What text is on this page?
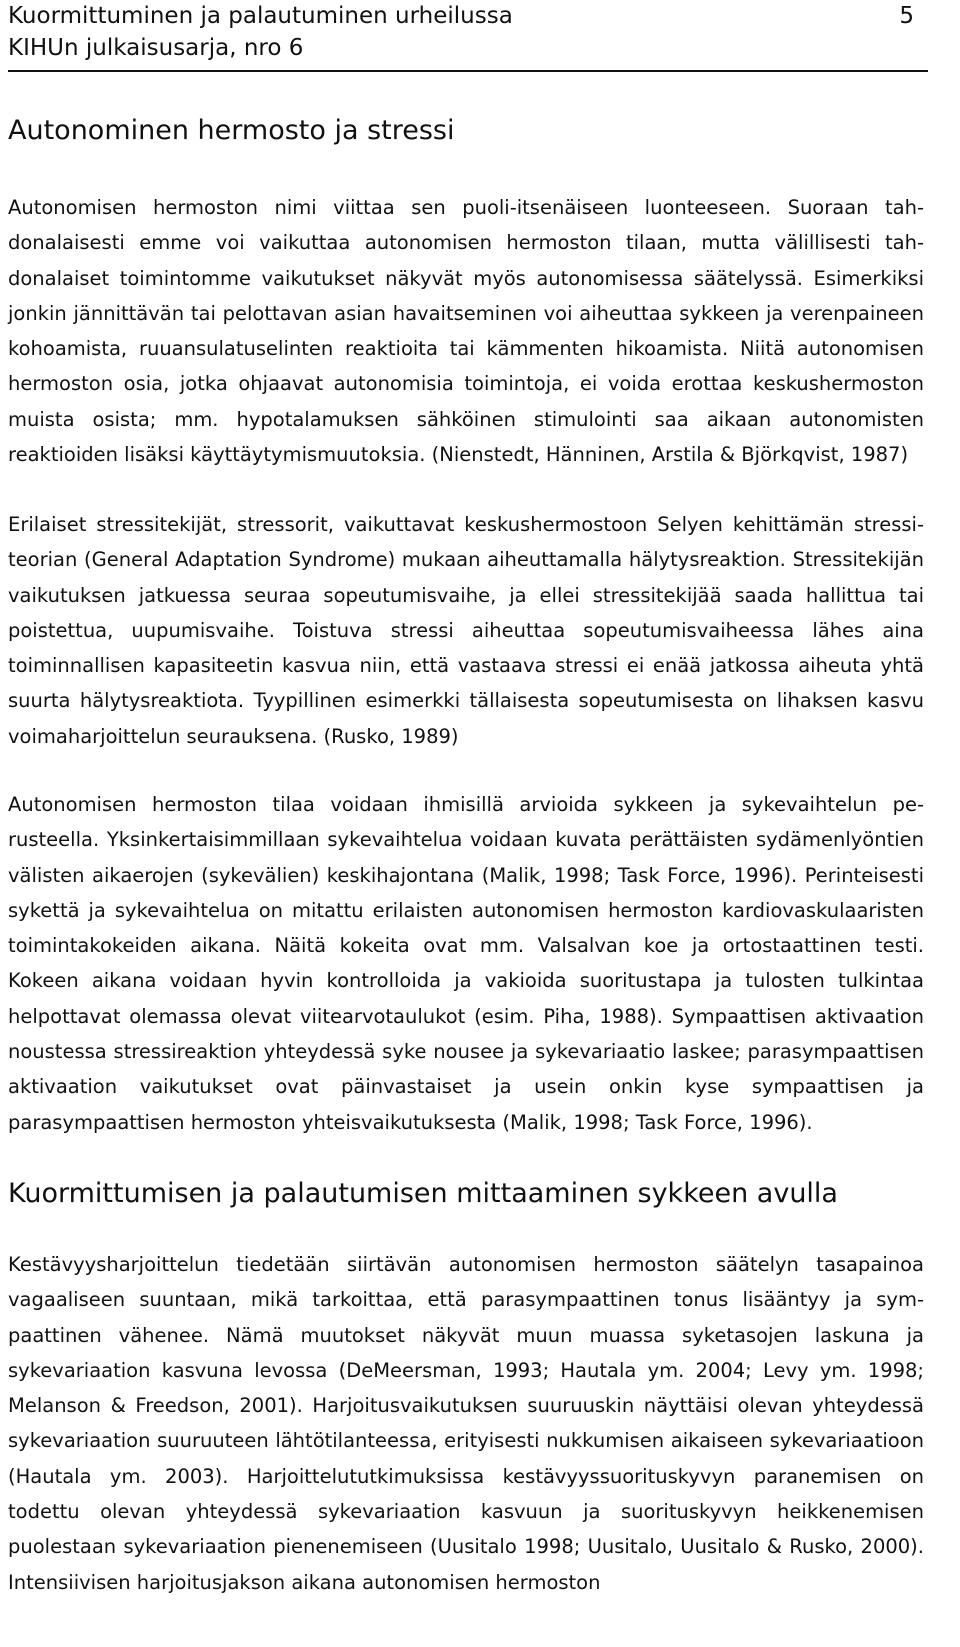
Kuormittuminen ja palautuminen urheilussa
KIHUn julkaisusarja, nro 6
5
Autonominen hermosto ja stressi

Autonomisen hermoston nimi viittaa sen puoli-itsenäiseen luonteeseen. Suoraan tahdonalaisesti emme voi vaikuttaa autonomisen hermoston tilaan, mutta välillisesti tahdonalaiset toimintomme vaikutukset näkyvät myös autonomisessa säätelyssä. Esimerkiksi jonkin jännittävän tai pelottavan asian havaitseminen voi aiheuttaa sykkeen ja verenpaineen kohoamista, ruuansulatuselinten reaktioita tai kämmenten hikoamista. Niitä autonomisen hermoston osia, jotka ohjaavat autonomisia toimintoja, ei voida erottaa keskushermoston muista osista; mm. hypotalamuksen sähköinen stimulointi saa aikaan autonomisten reaktioiden lisäksi käyttäytymismuutoksia. (Nienstedt, Hänninen, Arstila & Björkqvist, 1987)

Erilaiset stressitekijät, stressorit, vaikuttavat keskushermostoon Selyen kehittämän stressiteorian (General Adaptation Syndrome) mukaan aiheuttamalla hälytysreaktion. Stressitekijän vaikutuksen jatkuessa seuraa sopeutumisvaihe, ja ellei stressitekijää saada hallittua tai poistettua, uupumisvaihe. Toistuva stressi aiheuttaa sopeutumisvaiheessa lähes aina toiminnallisen kapasiteetin kasvua niin, että vastaava stressi ei enää jatkossa aiheuta yhtä suurta hälytysreaktiota. Tyypillinen esimerkki tällaisesta sopeutumisesta on lihaksen kasvu voimaharjoittelun seurauksena. (Rusko, 1989)

Autonomisen hermoston tilaa voidaan ihmisillä arvioida sykkeen ja sykevaihtelun perusteella. Yksinkertaisimmillaan sykevaihtelua voidaan kuvata perättäisten sydämenlyöntien välisten aikaerojen (sykevälien) keskihajontana (Malik, 1998; Task Force, 1996). Perinteisesti sykettä ja sykevaihtelua on mitattu erilaisten autonomisen hermoston kardiovaskulaaristen toimintakokeiden aikana. Näitä kokeita ovat mm. Valsalvan koe ja ortostaattinen testi. Kokeen aikana voidaan hyvin kontrolloida ja vakioida suoritustapa ja tulosten tulkintaa helpottavat olemassa olevat viitearvotaulukot (esim. Piha, 1988). Sympaattisen aktivaation noustessa stressireaktion yhteydessä syke nousee ja sykevariaatio laskee; parasympaattisen aktivaation vaikutukset ovat päinvastaiset ja usein onkin kyse sympaattisen ja parasympaattisen hermoston yhteisvaikutuksesta (Malik, 1998; Task Force, 1996).

Kuormittumisen ja palautumisen mittaaminen sykkeen avulla

Kestävyysharjoittelun tiedetään siirtävän autonomisen hermoston säätelyn tasapainoa vagaaliseen suuntaan, mikä tarkoittaa, että parasympaattinen tonus lisääntyy ja sympaattinen vähenee. Nämä muutokset näkyvät muun muassa syketasojen laskuna ja sykevariaation kasvuna levossa (DeMeersman, 1993; Hautala ym. 2004; Levy ym. 1998; Melanson & Freedson, 2001). Harjoitusvaikutuksen suuruuskin näyttäisi olevan yhteydessä sykevariaation suuruuteen lähtötilanteessa, erityisesti nukkumisen aikaiseen sykevariaatioon (Hautala ym. 2003). Harjoittelututkimuksissa kestävyyssuorituskyvyn paranemisen on todettu olevan yhteydessä sykevariaation kasvuun ja suorituskyvyn heikkenemisen puolestaan sykevariaation pienenemiseen (Uusitalo 1998; Uusitalo, Uusitalo & Rusko, 2000). Intensiivisen harjoitusjakson aikana autonomisen hermoston
